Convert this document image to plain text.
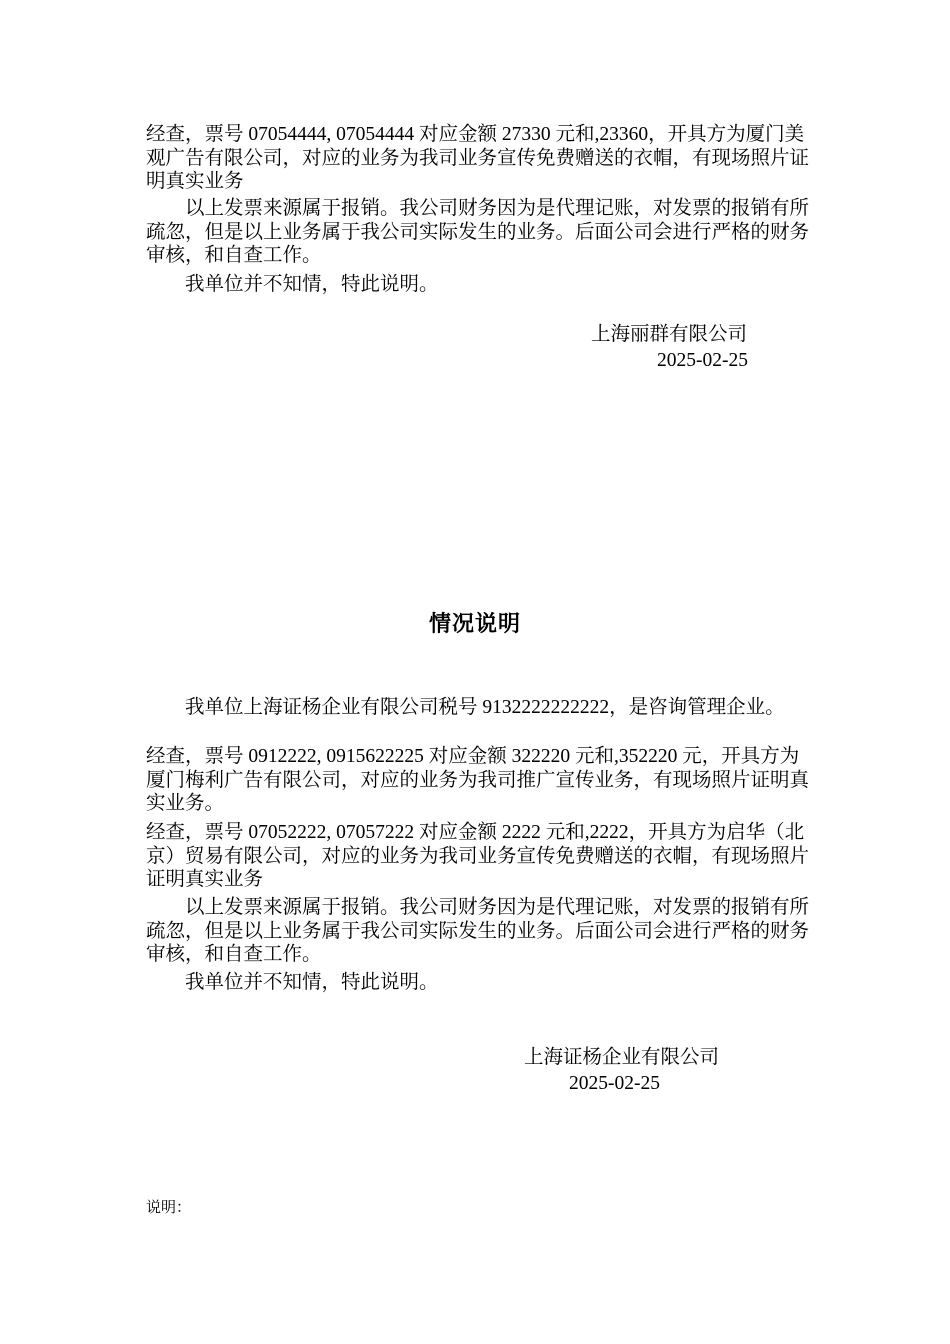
经查，票号 07054444, 07054444 对应金额 27330 元和,23360，开具方为厦门美观广告有限公司，对应的业务为我司业务宣传免费赠送的衣帽，有现场照片证明真实业务
　　以上发票来源属于报销。我公司财务因为是代理记账，对发票的报销有所疏忽，但是以上业务属于我公司实际发生的业务。后面公司会进行严格的财务审核，和自查工作。
　　我单位并不知情，特此说明。
上海丽群有限公司
2025-02-25
情况说明
　　我单位上海证杨企业有限公司税号 9132222222222，是咨询管理企业。
经查，票号 0912222, 0915622225 对应金额 322220 元和,352220 元，开具方为厦门梅利广告有限公司，对应的业务为我司推广宣传业务，有现场照片证明真实业务。
经查，票号 07052222, 07057222 对应金额 2222 元和,2222，开具方为启华（北京）贸易有限公司，对应的业务为我司业务宣传免费赠送的衣帽，有现场照片证明真实业务
　　以上发票来源属于报销。我公司财务因为是代理记账，对发票的报销有所疏忽，但是以上业务属于我公司实际发生的业务。后面公司会进行严格的财务审核，和自查工作。
　　我单位并不知情，特此说明。
上海证杨企业有限公司
2025-02-25
说明：
